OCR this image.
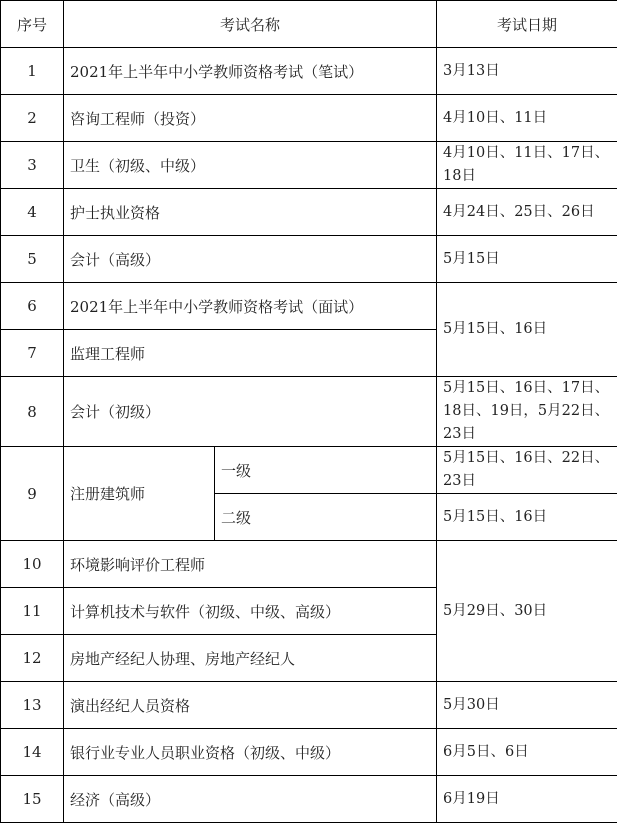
序号	考试名称		考试日期
1	2021年上半年中小学教师资格考试（笔试）		3月13日
2	咨询工程师（投资）		4月10日、11日
3	卫生（初级、中级）		4月10日、11日、17日、18日
4	护士执业资格		4月24日、25日、26日
5	会计（高级）		5月15日
6	2021年上半年中小学教师资格考试（面试）		5月15日、16日
7	监理工程师		
8	会计（初级）		5月15日、16日、17日、18日、19日，5月22日、23日
9	注册建筑师	一级	5月15日、16日、22日、23日
		二级	5月15日、16日
10	环境影响评价工程师		5月29日、30日
11	计算机技术与软件（初级、中级、高级）		
12	房地产经纪人协理、房地产经纪人		
13	演出经纪人员资格		5月30日
14	银行业专业人员职业资格（初级、中级）		6月5日、6日
15	经济（高级）		6月19日
